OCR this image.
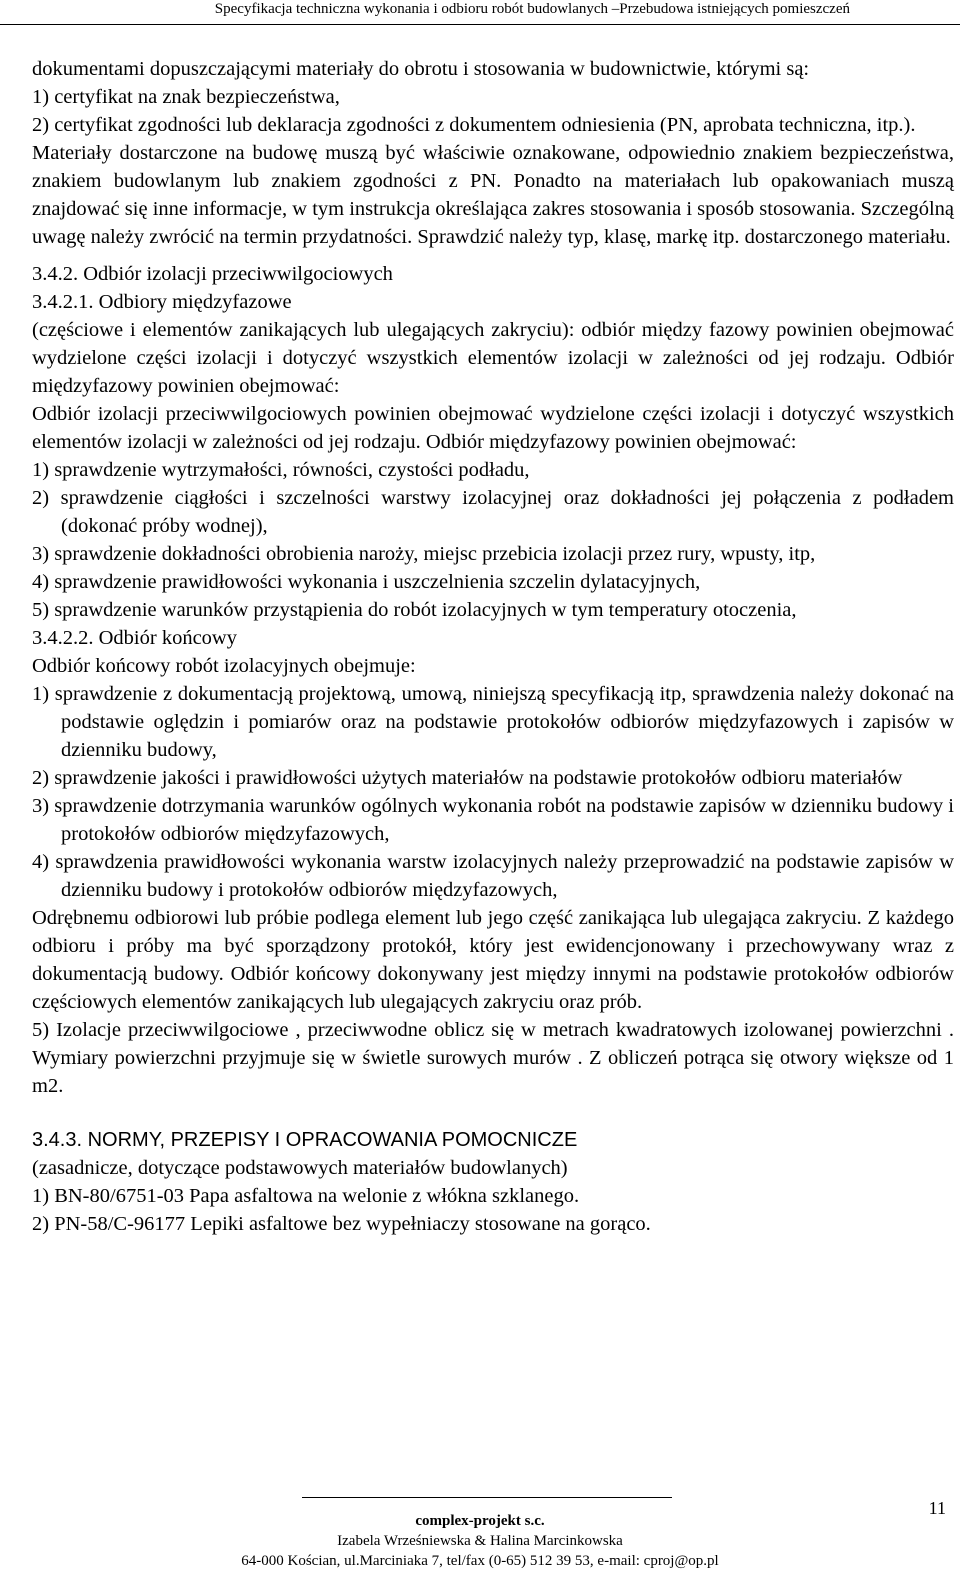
Specyfikacja techniczna wykonania i odbioru robót budowlanych –Przebudowa istniejących pomieszczeń

dokumentami dopuszczającymi materiały do obrotu i stosowania w budownictwie, którymi są:

1) certyfikat na znak bezpieczeństwa,

2) certyfikat zgodności lub deklaracja zgodności z dokumentem odniesienia (PN, aprobata techniczna, itp.).

Materiały dostarczone na budowę muszą być właściwie oznakowane, odpowiednio znakiem bezpieczeństwa, znakiem budowlanym lub znakiem zgodności z PN. Ponadto na materiałach lub opakowaniach muszą znajdować się inne informacje, w tym instrukcja określająca zakres stosowania i sposób stosowania. Szczególną uwagę należy zwrócić na termin przydatności. Sprawdzić należy typ, klasę, markę itp. dostarczonego materiału.

3.4.2. Odbiór izolacji przeciwwilgociowych

3.4.2.1. Odbiory międzyfazowe

(częściowe i elementów zanikających lub ulegających zakryciu): odbiór między fazowy powinien obejmować wydzielone części izolacji i dotyczyć wszystkich elementów izolacji w zależności od jej rodzaju. Odbiór międzyfazowy powinien obejmować:

Odbiór izolacji przeciwwilgociowych powinien obejmować wydzielone części izolacji i dotyczyć wszystkich elementów izolacji w zależności od jej rodzaju. Odbiór międzyfazowy powinien obejmować:

1) sprawdzenie wytrzymałości, równości, czystości podładu,

2) sprawdzenie ciągłości i szczelności warstwy izolacyjnej oraz dokładności jej połączenia z podładem (dokonać próby wodnej),

3) sprawdzenie dokładności obrobienia naroży, miejsc przebicia izolacji przez rury, wpusty, itp,

4) sprawdzenie prawidłowości wykonania i uszczelnienia szczelin dylatacyjnych,

5) sprawdzenie warunków przystąpienia do robót izolacyjnych w tym temperatury otoczenia,

3.4.2.2. Odbiór końcowy

Odbiór końcowy robót izolacyjnych obejmuje:

1) sprawdzenie z dokumentacją projektową, umową, niniejszą specyfikacją itp, sprawdzenia należy dokonać na podstawie oględzin i pomiarów oraz na podstawie protokołów odbiorów międzyfazowych i zapisów w dzienniku budowy,

2) sprawdzenie jakości i prawidłowości użytych materiałów na podstawie protokołów odbioru materiałów

3) sprawdzenie dotrzymania warunków ogólnych wykonania robót na podstawie zapisów w dzienniku budowy i protokołów odbiorów międzyfazowych,

4) sprawdzenia prawidłowości wykonania warstw izolacyjnych należy przeprowadzić na podstawie zapisów w dzienniku budowy i protokołów odbiorów międzyfazowych,

Odrębnemu odbiorowi lub próbie podlega element lub jego część zanikająca lub ulegająca zakryciu. Z każdego odbioru i próby ma być sporządzony protokół, który jest ewidencjonowany i przechowywany wraz z dokumentacją budowy. Odbiór końcowy dokonywany jest między innymi na podstawie protokołów odbiorów częściowych elementów zanikających lub ulegających zakryciu oraz prób.

5) Izolacje przeciwwilgociowe , przeciwwodne oblicz się w metrach kwadratowych izolowanej powierzchni . Wymiary powierzchni przyjmuje się w świetle surowych murów . Z obliczeń potrąca się otwory większe od 1 m2.

3.4.3. NORMY, PRZEPISY I OPRACOWANIA POMOCNICZE

(zasadnicze, dotyczące podstawowych materiałów budowlanych)

1) BN-80/6751-03 Papa asfaltowa na welonie z włókna szklanego.

2) PN-58/C-96177 Lepiki asfaltowe bez wypełniaczy stosowane na gorąco.

11
complex-projekt s.c.
Izabela Wrześniewska & Halina Marcinkowska
64-000 Kościan, ul.Marciniaka 7, tel/fax (0-65) 512 39 53, e-mail: cproj@op.pl
